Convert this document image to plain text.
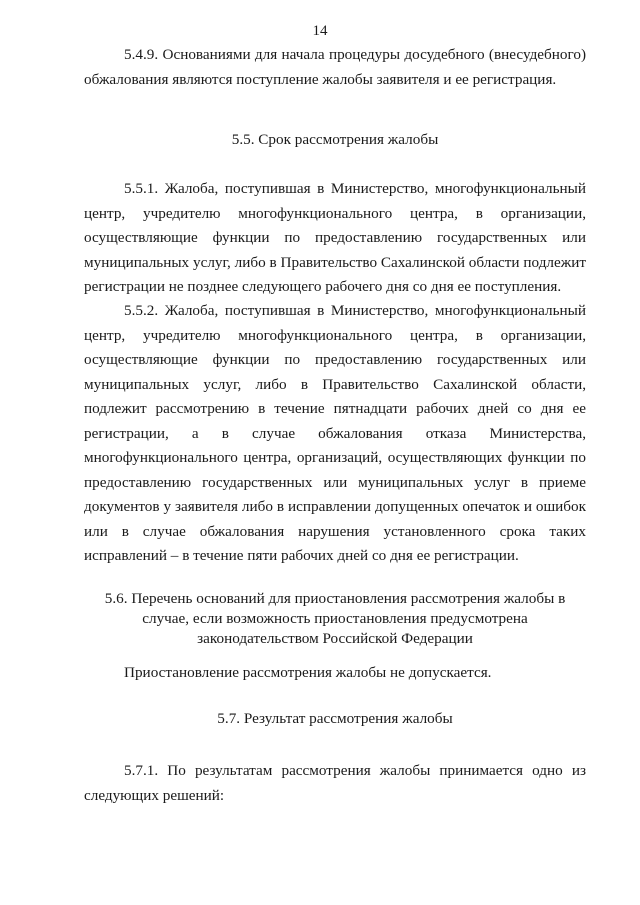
14

5.4.9. Основаниями для начала процедуры досудебного (внесудебного) обжалования являются поступление жалобы заявителя и ее регистрация.

5.5. Срок рассмотрения жалобы

5.5.1. Жалоба, поступившая в Министерство, многофункциональный центр, учредителю многофункционального центра, в организации, осуществляющие функции по предоставлению государственных или муниципальных услуг, либо в Правительство Сахалинской области подлежит регистрации не позднее следующего рабочего дня со дня ее поступления.

5.5.2. Жалоба, поступившая в Министерство, многофункциональный центр, учредителю многофункционального центра, в организации, осуществляющие функции по предоставлению государственных или муниципальных услуг, либо в Правительство Сахалинской области, подлежит рассмотрению в течение пятнадцати рабочих дней со дня ее регистрации, а в случае обжалования отказа Министерства, многофункционального центра, организаций, осуществляющих функции по предоставлению государственных или муниципальных услуг в приеме документов у заявителя либо в исправлении допущенных опечаток и ошибок или в случае обжалования нарушения установленного срока таких исправлений – в течение пяти рабочих дней со дня ее регистрации.

5.6. Перечень оснований для приостановления рассмотрения жалобы в
случае, если возможность приостановления предусмотрена
законодательством Российской Федерации

Приостановление рассмотрения жалобы не допускается.

5.7. Результат рассмотрения жалобы

5.7.1. По результатам рассмотрения жалобы принимается одно из следующих решений:
